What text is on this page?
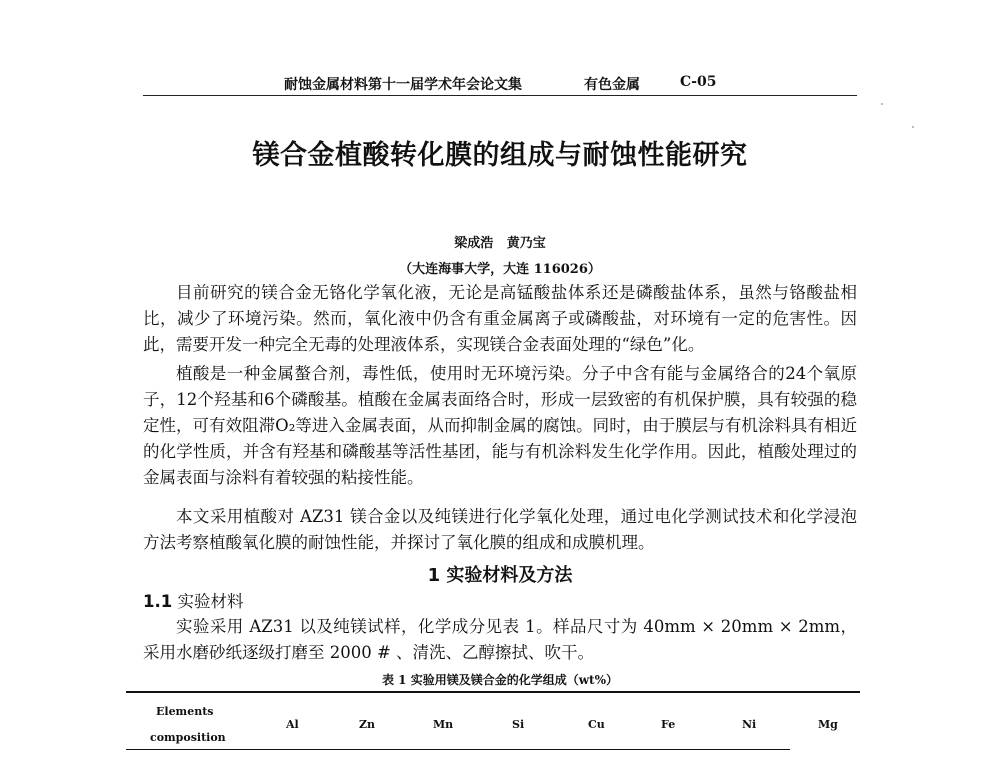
耐蚀金属材料第十一届学术年会论文集

	有色金属

	C-05

镁合金植酸转化膜的组成与耐蚀性能研究
梁成浩   黄乃宝
（大连海事大学，大连 116026）

目前研究的镁合金无铬化学氧化液，无论是高锰酸盐体系还是磷酸盐体系，虽然与铬酸盐相比，减少了环境污染。然而，氧化液中仍含有重金属离子或磷酸盐，对环境有一定的危害性。因此，需要开发一种完全无毒的处理液体系，实现镁合金表面处理的“绿色”化。

植酸是一种金属螯合剂，毒性低，使用时无环境污染。分子中含有能与金属络合的24个氧原子，12个羟基和6个磷酸基。植酸在金属表面络合时，形成一层致密的有机保护膜，具有较强的稳定性，可有效阻滞O₂等进入金属表面，从而抑制金属的腐蚀。同时，由于膜层与有机涂料具有相近的化学性质，并含有羟基和磷酸基等活性基团，能与有机涂料发生化学作用。因此，植酸处理过的金属表面与涂料有着较强的粘接性能。

本文采用植酸对 AZ31 镁合金以及纯镁进行化学氧化处理，通过电化学测试技术和化学浸泡方法考察植酸氧化膜的耐蚀性能，并探讨了氧化膜的组成和成膜机理。

1 实验材料及方法
1.1 实验材料

实验采用 AZ31 以及纯镁试样，化学成分见表 1。样品尺寸为 40mm × 20mm × 2mm，采用水磨砂纸逐级打磨至 2000 # 、清洗、乙醇擦拭、吹干。

表 1 实验用镁及镁合金的化学组成（wt%）
Elements
composition
Al	Zn	Mn	Si	Cu	Fe	Ni	Mg
